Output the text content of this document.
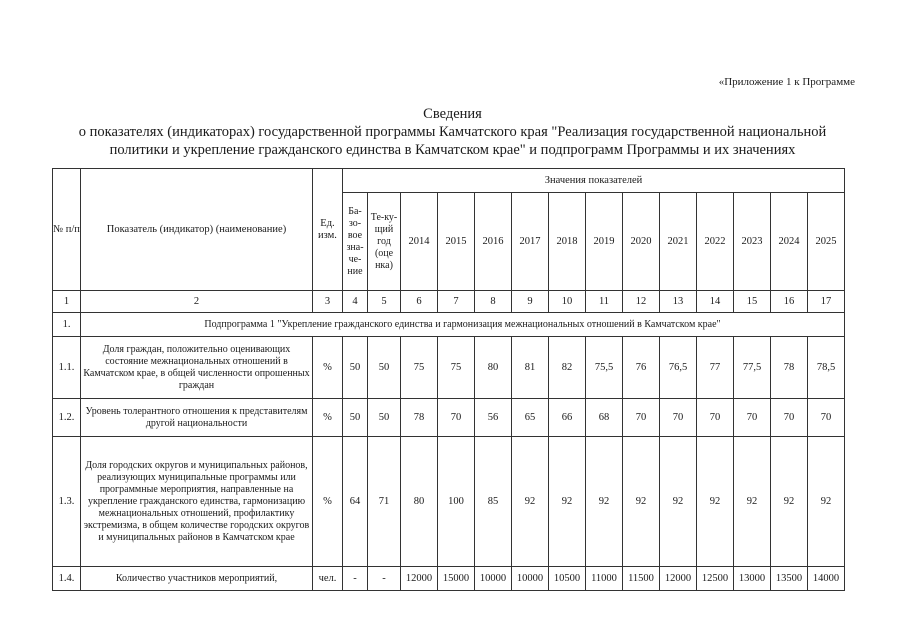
«Приложение 1 к Программе
Сведения
о показателях (индикаторах) государственной программы Камчатского края "Реализация государственной национальной
политики и укрепление гражданского единства в Камчатском крае" и подпрограмм Программы и их значениях
№ п/п	Показатель (индикатор) (наименование)	Ед. изм.	Значения показателей													
			Ба-зо-вое зна-че-ние	Те-ку-щий год (оце нка)	2014	2015	2016	2017	2018	2019	2020	2021	2022	2023	2024	2025
1	2	3	4	5	6	7	8	9	10	11	12	13	14	15	16	17
1.	Подпрограмма 1 "Укрепление гражданского единства и гармонизация межнациональных отношений в Камчатском крае"															
1.1.	Доля граждан, положительно оценивающих состояние межнациональных отношений в Камчатском крае, в общей численности опрошенных граждан	%	50	50	75	75	80	81	82	75,5	76	76,5	77	77,5	78	78,5
1.2.	Уровень толерантного отношения к представителям другой национальности	%	50	50	78	70	56	65	66	68	70	70	70	70	70	70
1.3.	Доля городских округов и муниципальных районов, реализующих муниципальные программы или программные мероприятия, направленные на укрепление гражданского единства, гармонизацию межнациональных отношений, профилактику экстремизма, в общем количестве городских округов и муниципальных районов в Камчатском крае	%	64	71	80	100	85	92	92	92	92	92	92	92	92	92
1.4.	Количество участников мероприятий,	чел.	-	-	12000	15000	10000	10000	10500	11000	11500	12000	12500	13000	13500	14000
